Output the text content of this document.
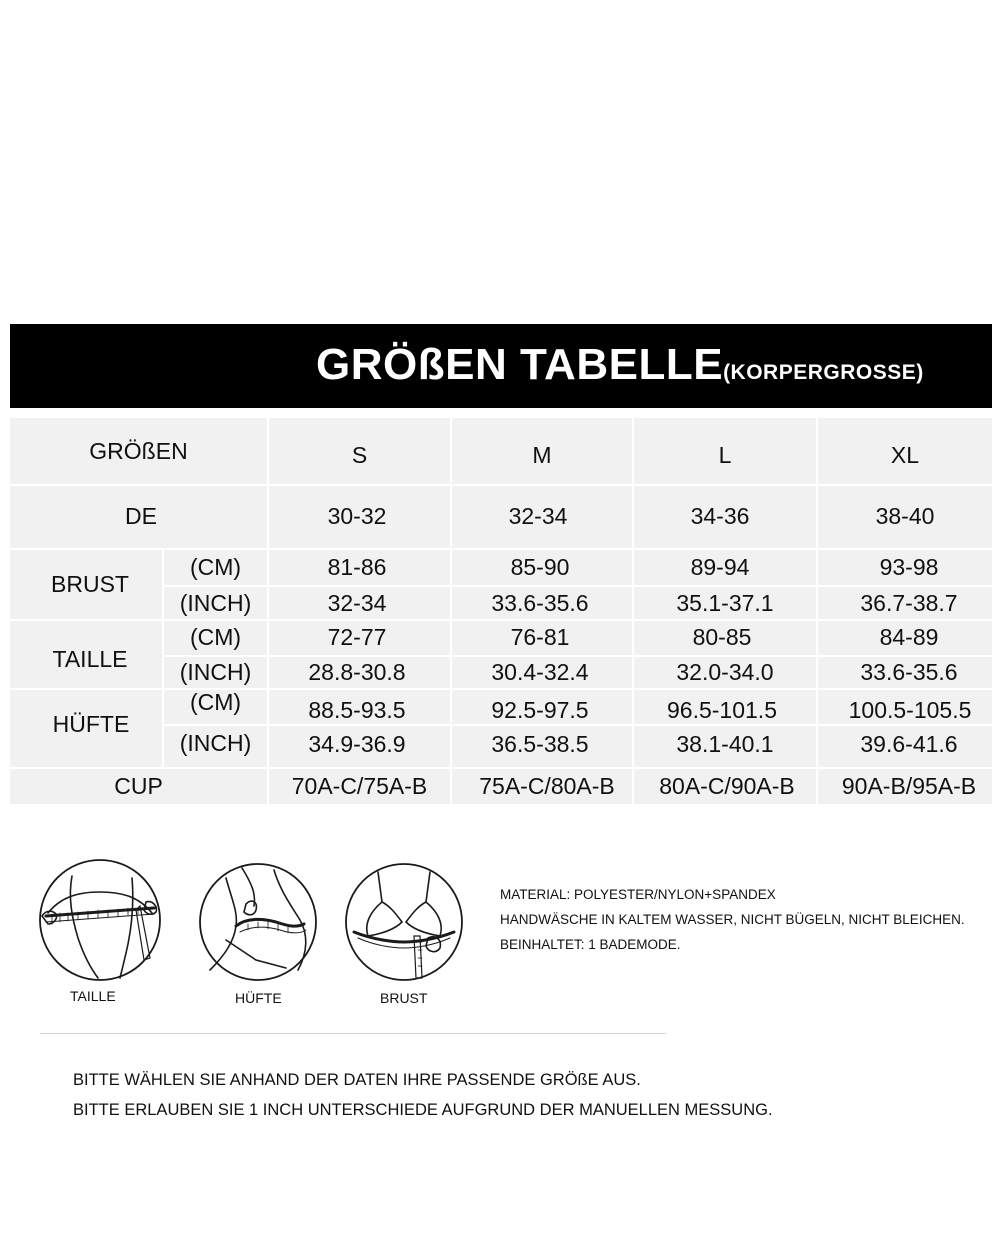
GRÖßEN TABELLE(KORPERGROSSE)
GRÖßEN	S	M	L	XL
DE	30-32	32-34	34-36	38-40
BRUST
(CM)	81-86	85-90	89-94	93-98
(INCH)	32-34	33.6-35.6	35.1-37.1	36.7-38.7
TAILLE
(CM)	72-77	76-81	80-85	84-89
(INCH)	28.8-30.8	30.4-32.4	32.0-34.0	33.6-35.6
HÜFTE
(CM)	88.5-93.5	92.5-97.5	96.5-101.5	100.5-105.5
(INCH)	34.9-36.9	36.5-38.5	38.1-40.1	39.6-41.6
CUP	70A-C/75A-B	75A-C/80A-B	80A-C/90A-B	90A-B/95A-B
TAILLE	HÜFTE	BRUST
MATERIAL: POLYESTER/NYLON+SPANDEX
HANDWÄSCHE IN KALTEM WASSER, NICHT BÜGELN, NICHT BLEICHEN.
BEINHALTET: 1 BADEMODE.
BITTE WÄHLEN SIE ANHAND DER DATEN IHRE PASSENDE GRÖßE AUS.
BITTE ERLAUBEN SIE 1 INCH UNTERSCHIEDE AUFGRUND DER MANUELLEN MESSUNG.
